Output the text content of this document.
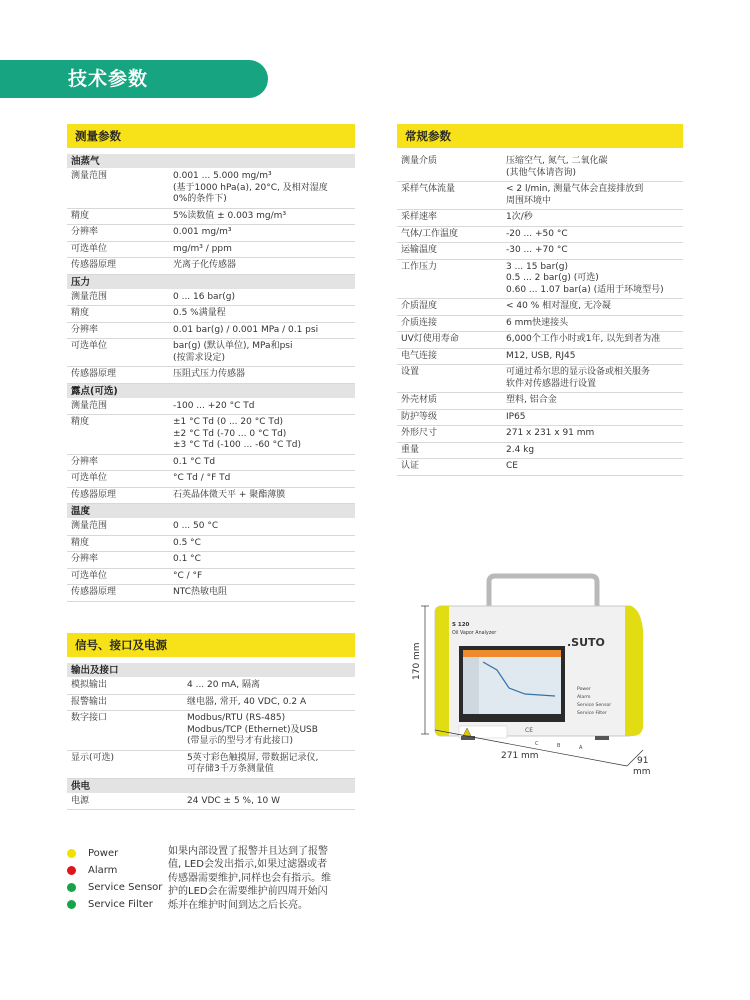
技术参数
测量参数
油蒸气
测量范围	0.001 ... 5.000 mg/m³
(基于1000 hPa(a), 20°C, 及相对湿度
0%的条件下)
精度	5%读数值 ± 0.003 mg/m³
分辨率	0.001 mg/m³
可选单位	mg/m³ / ppm
传感器原理	光离子化传感器
压力
测量范围	0 ... 16 bar(g)
精度	0.5 %满量程
分辨率	0.01 bar(g) / 0.001 MPa / 0.1 psi
可选单位	bar(g) (默认单位), MPa和psi
(按需求设定)
传感器原理	压阻式压力传感器
露点(可选)
测量范围	-100 ... +20 °C Td
精度	±1 °C Td (0 ... 20 °C Td)
±2 °C Td (-70 ... 0 °C Td)
±3 °C Td (-100 ... -60 °C Td)
分辨率	0.1 °C Td
可选单位	°C Td / °F Td
传感器原理	石英晶体微天平 + 聚酯薄膜
温度
测量范围	0 ... 50 °C
精度	0.5 °C
分辨率	0.1 °C
可选单位	°C / °F
传感器原理	NTC热敏电阻
常规参数
测量介质	压缩空气, 氮气, 二氧化碳
(其他气体请咨询)
采样气体流量	< 2 l/min, 测量气体会直接排放到
周围环境中
采样速率	1次/秒
气体/工作温度	-20 ... +50 °C
运输温度	-30 ... +70 °C
工作压力	3 ... 15 bar(g)
0.5 ... 2 bar(g) (可选)
0.60 ... 1.07 bar(a) (适用于环境型号)
介质湿度	< 40 % 相对湿度, 无冷凝
介质连接	6 mm快速接头
UV灯使用寿命	6,000个工作小时或1年, 以先到者为准
电气连接	M12, USB, RJ45
设置	可通过希尔思的显示设备或相关服务
软件对传感器进行设置
外壳材质	塑料, 铝合金
防护等级	IP65
外形尺寸	271 x 231 x 91 mm
重量	2.4 kg
认证	CE
信号、接口及电源
输出及接口
模拟输出	4 ... 20 mA, 隔离
报警输出	继电器, 常开, 40 VDC, 0.2 A
数字接口	Modbus/RTU (RS-485)
Modbus/TCP (Ethernet)及USB
(带显示的型号才有此接口)
显示(可选)	5英寸彩色触摸屏, 带数据记录仪,
可存储3千万条测量值
供电
电源	24 VDC ± 5 %, 10 W
Power
Alarm
Service Sensor
Service Filter
如果内部设置了报警并且达到了报警
值, LED会发出指示,如果过滤器或者
传感器需要维护,同样也会有指示。维
护的LED会在需要维护前四周开始闪
烁并在维护时间到达之后长亮。
S 120
Oil Vapor Analyzer
.SUTO
CE
Power
Alarm
Service Sensor
Service Filter
C	B	A
170 mm
271 mm	91
mm
